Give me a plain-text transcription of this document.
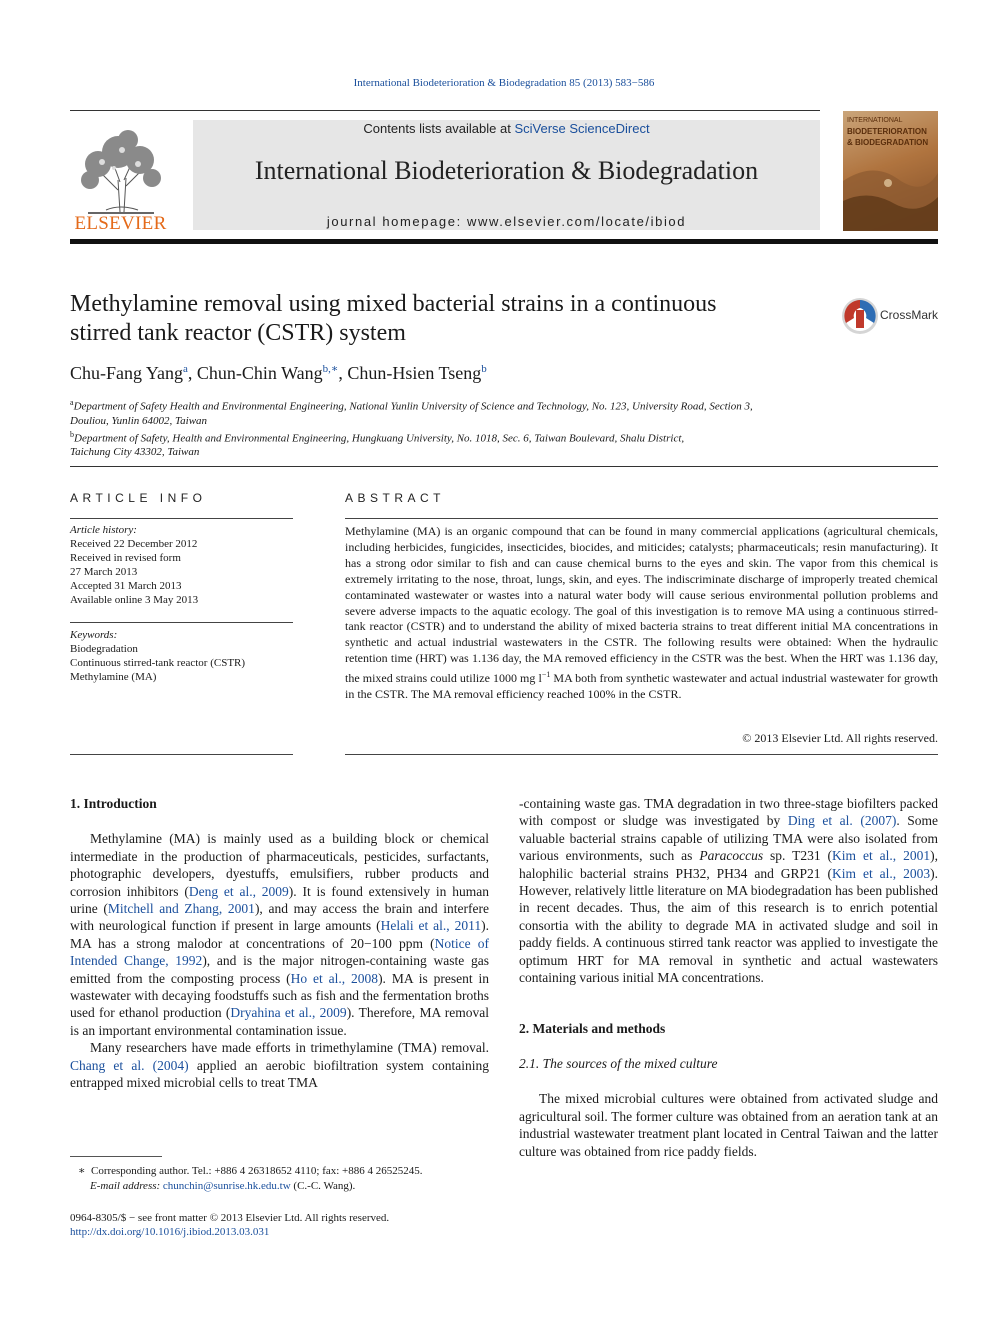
International Biodeterioration & Biodegradation 85 (2013) 583−586
ELSEVIER
Contents lists available at SciVerse ScienceDirect
International Biodeterioration & Biodegradation
journal homepage: www.elsevier.com/locate/ibiod
INTERNATIONAL
BIODETERIORATION
& BIODEGRADATION
Methylamine removal using mixed bacterial strains in a continuous
stirred tank reactor (CSTR) system
CrossMark
Chu-Fang Yang$^a$, Chun-Chin Wang$^{b,∗}$, Chun-Hsien Tseng$^b$
$^a$Department of Safety Health and Environmental Engineering, National Yunlin University of Science and Technology, No. 123, University Road, Section 3,
Douliou, Yunlin 64002, Taiwan
$^b$Department of Safety, Health and Environmental Engineering, Hungkuang University, No. 1018, Sec. 6, Taiwan Boulevard, Shalu District,
Taichung City 43302, Taiwan
ARTICLE INFO	ABSTRACT
Article history:
Received 22 December 2012
Received in revised form
27 March 2013
Accepted 31 March 2013
Available online 3 May 2013
Keywords:
Biodegradation
Continuous stirred-tank reactor (CSTR)
Methylamine (MA)
Methylamine (MA) is an organic compound that can be found in many commercial applications (agricultural chemicals, including herbicides, fungicides, insecticides, biocides, and miticides; catalysts; pharmaceuticals; resin manufacturing). It has a strong odor similar to fish and can cause chemical burns to the eyes and skin. The vapor from this chemical is extremely irritating to the nose, throat, lungs, skin, and eyes. The indiscriminate discharge of improperly treated chemical contaminated wastewater or wastes into a natural water body will cause serious environmental pollution problems and severe adverse impacts to the aquatic ecology. The goal of this investigation is to remove MA using a continuous stirred-tank reactor (CSTR) and to understand the ability of mixed bacteria strains to treat different initial MA concentrations in synthetic and actual industrial wastewaters in the CSTR. The following results were obtained: When the hydraulic retention time (HRT) was 1.136 day, the MA removed efficiency in the CSTR was the best. When the HRT was 1.136 day, the mixed strains could utilize 1000 mg $l^{-1}$ MA both from synthetic wastewater and actual industrial wastewater for growth in the CSTR. The MA removal efficiency reached 100% in the CSTR.
© 2013 Elsevier Ltd. All rights reserved.
1. Introduction

Methylamine (MA) is mainly used as a building block or chemical intermediate in the production of pharmaceuticals, pesticides, surfactants, photographic developers, dyestuffs, emulsifiers, rubber products and corrosion inhibitors (Deng et al., 2009). It is found extensively in human urine (Mitchell and Zhang, 2001), and may access the brain and interfere with neurological function if present in large amounts (Helali et al., 2011). MA has a strong malodor at concentrations of 20−100 ppm (Notice of Intended Change, 1992), and is the major nitrogen-containing waste gas emitted from the composting process (Ho et al., 2008). MA is present in wastewater with decaying foodstuffs such as fish and the fermentation broths used for ethanol production (Dryahina et al., 2009). Therefore, MA removal is an important environmental contamination issue.

Many researchers have made efforts in trimethylamine (TMA) removal. Chang et al. (2004) applied an aerobic biofiltration system containing entrapped mixed microbial cells to treat TMA

-containing waste gas. TMA degradation in two three-stage biofilters packed with compost or sludge was investigated by Ding et al. (2007). Some valuable bacterial strains capable of utilizing TMA were also isolated from various environments, such as Paracoccus sp. T231 (Kim et al., 2001), halophilic bacterial strains PH32, PH34 and GRP21 (Kim et al., 2003). However, relatively little literature on MA biodegradation has been published in recent decades. Thus, the aim of this research is to enrich potential consortia with the ability to degrade MA in activated sludge and soil in paddy fields. A continuous stirred tank reactor was applied to investigate the optimum HRT for MA removal in synthetic and actual wastewaters containing various initial MA concentrations.

2. Materials and methods
2.1. The sources of the mixed culture

The mixed microbial cultures were obtained from activated sludge and agricultural soil. The former culture was obtained from an aeration tank at an industrial wastewater treatment plant located in Central Taiwan and the latter culture was obtained from rice paddy fields.

∗ Corresponding author. Tel.: +886 4 26318652 4110; fax: +886 4 26525245.
E-mail address: chunchin@sunrise.hk.edu.tw (C.-C. Wang).
0964-8305/$ − see front matter © 2013 Elsevier Ltd. All rights reserved.
http://dx.doi.org/10.1016/j.ibiod.2013.03.031
